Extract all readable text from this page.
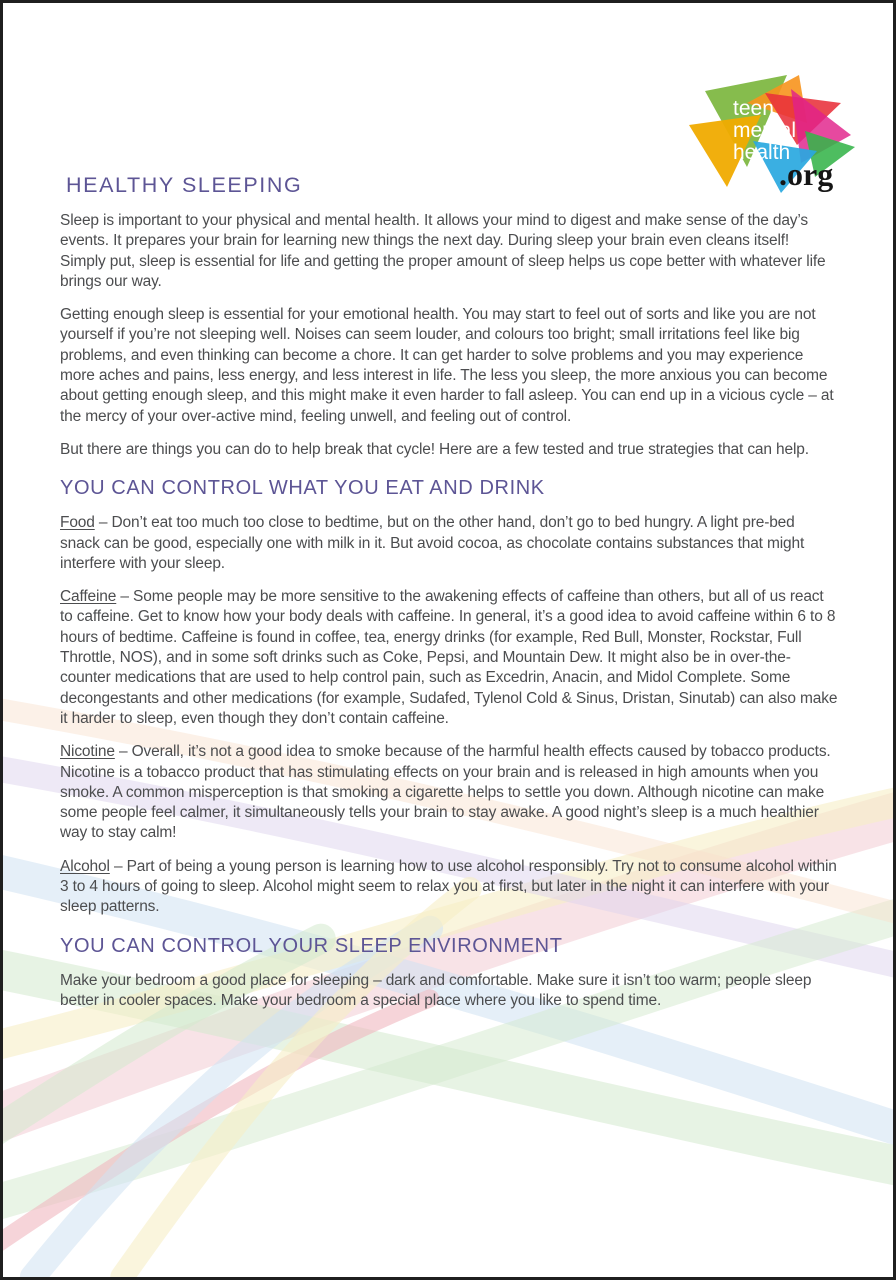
teen
mental
health
.org
HEALTHY SLEEPING

Sleep is important to your physical and mental health. It allows your mind to digest and make sense of the day’s events. It prepares your brain for learning new things the next day. During sleep your brain even cleans itself! Simply put, sleep is essential for life and getting the proper amount of sleep helps us cope better with whatever life brings our way.

Getting enough sleep is essential for your emotional health. You may start to feel out of sorts and like you are not yourself if you’re not sleeping well. Noises can seem louder, and colours too bright; small irritations feel like big problems, and even thinking can become a chore. It can get harder to solve problems and you may experience more aches and pains, less energy, and less interest in life. The less you sleep, the more anxious you can become about getting enough sleep, and this might make it even harder to fall asleep. You can end up in a vicious cycle – at the mercy of your over-active mind, feeling unwell, and feeling out of control.

But there are things you can do to help break that cycle! Here are a few tested and true strategies that can help.

YOU CAN CONTROL WHAT YOU EAT AND DRINK

Food – Don’t eat too much too close to bedtime, but on the other hand, don’t go to bed hungry. A light pre-bed snack can be good, especially one with milk in it. But avoid cocoa, as chocolate contains substances that might interfere with your sleep.

Caffeine – Some people may be more sensitive to the awakening effects of caffeine than others, but all of us react to caffeine. Get to know how your body deals with caffeine. In general, it’s a good idea to avoid caffeine within 6 to 8 hours of bedtime. Caffeine is found in coffee, tea, energy drinks (for example, Red Bull, Monster, Rockstar, Full Throttle, NOS), and in some soft drinks such as Coke, Pepsi, and Mountain Dew. It might also be in over-the-counter medications that are used to help control pain, such as Excedrin, Anacin, and Midol Complete. Some decongestants and other medications (for example, Sudafed, Tylenol Cold & Sinus, Dristan, Sinutab) can also make it harder to sleep, even though they don’t contain caffeine.

Nicotine – Overall, it’s not a good idea to smoke because of the harmful health effects caused by tobacco products. Nicotine is a tobacco product that has stimulating effects on your brain and is released in high amounts when you smoke. A common misperception is that smoking a cigarette helps to settle you down. Although nicotine can make some people feel calmer, it simultaneously tells your brain to stay awake. A good night’s sleep is a much healthier way to stay calm!

Alcohol – Part of being a young person is learning how to use alcohol responsibly. Try not to consume alcohol within 3 to 4 hours of going to sleep. Alcohol might seem to relax you at first, but later in the night it can interfere with your sleep patterns.

YOU CAN CONTROL YOUR SLEEP ENVIRONMENT

Make your bedroom a good place for sleeping – dark and comfortable. Make sure it isn’t too warm; people sleep better in cooler spaces. Make your bedroom a special place where you like to spend time.
